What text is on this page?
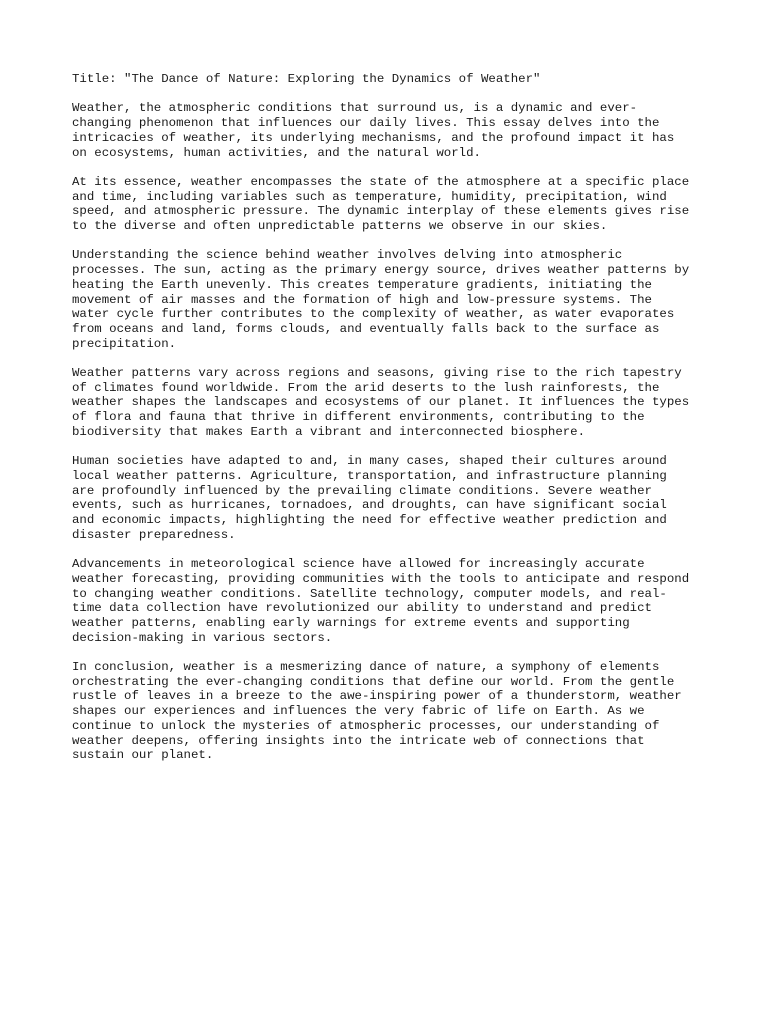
Title: "The Dance of Nature: Exploring the Dynamics of Weather"
Weather, the atmospheric conditions that surround us, is a dynamic and ever-
changing phenomenon that influences our daily lives. This essay delves into the
intricacies of weather, its underlying mechanisms, and the profound impact it has
on ecosystems, human activities, and the natural world.
At its essence, weather encompasses the state of the atmosphere at a specific place
and time, including variables such as temperature, humidity, precipitation, wind
speed, and atmospheric pressure. The dynamic interplay of these elements gives rise
to the diverse and often unpredictable patterns we observe in our skies.
Understanding the science behind weather involves delving into atmospheric
processes. The sun, acting as the primary energy source, drives weather patterns by
heating the Earth unevenly. This creates temperature gradients, initiating the
movement of air masses and the formation of high and low-pressure systems. The
water cycle further contributes to the complexity of weather, as water evaporates
from oceans and land, forms clouds, and eventually falls back to the surface as
precipitation.
Weather patterns vary across regions and seasons, giving rise to the rich tapestry
of climates found worldwide. From the arid deserts to the lush rainforests, the
weather shapes the landscapes and ecosystems of our planet. It influences the types
of flora and fauna that thrive in different environments, contributing to the
biodiversity that makes Earth a vibrant and interconnected biosphere.
Human societies have adapted to and, in many cases, shaped their cultures around
local weather patterns. Agriculture, transportation, and infrastructure planning
are profoundly influenced by the prevailing climate conditions. Severe weather
events, such as hurricanes, tornadoes, and droughts, can have significant social
and economic impacts, highlighting the need for effective weather prediction and
disaster preparedness.
Advancements in meteorological science have allowed for increasingly accurate
weather forecasting, providing communities with the tools to anticipate and respond
to changing weather conditions. Satellite technology, computer models, and real-
time data collection have revolutionized our ability to understand and predict
weather patterns, enabling early warnings for extreme events and supporting
decision-making in various sectors.
In conclusion, weather is a mesmerizing dance of nature, a symphony of elements
orchestrating the ever-changing conditions that define our world. From the gentle
rustle of leaves in a breeze to the awe-inspiring power of a thunderstorm, weather
shapes our experiences and influences the very fabric of life on Earth. As we
continue to unlock the mysteries of atmospheric processes, our understanding of
weather deepens, offering insights into the intricate web of connections that
sustain our planet.
